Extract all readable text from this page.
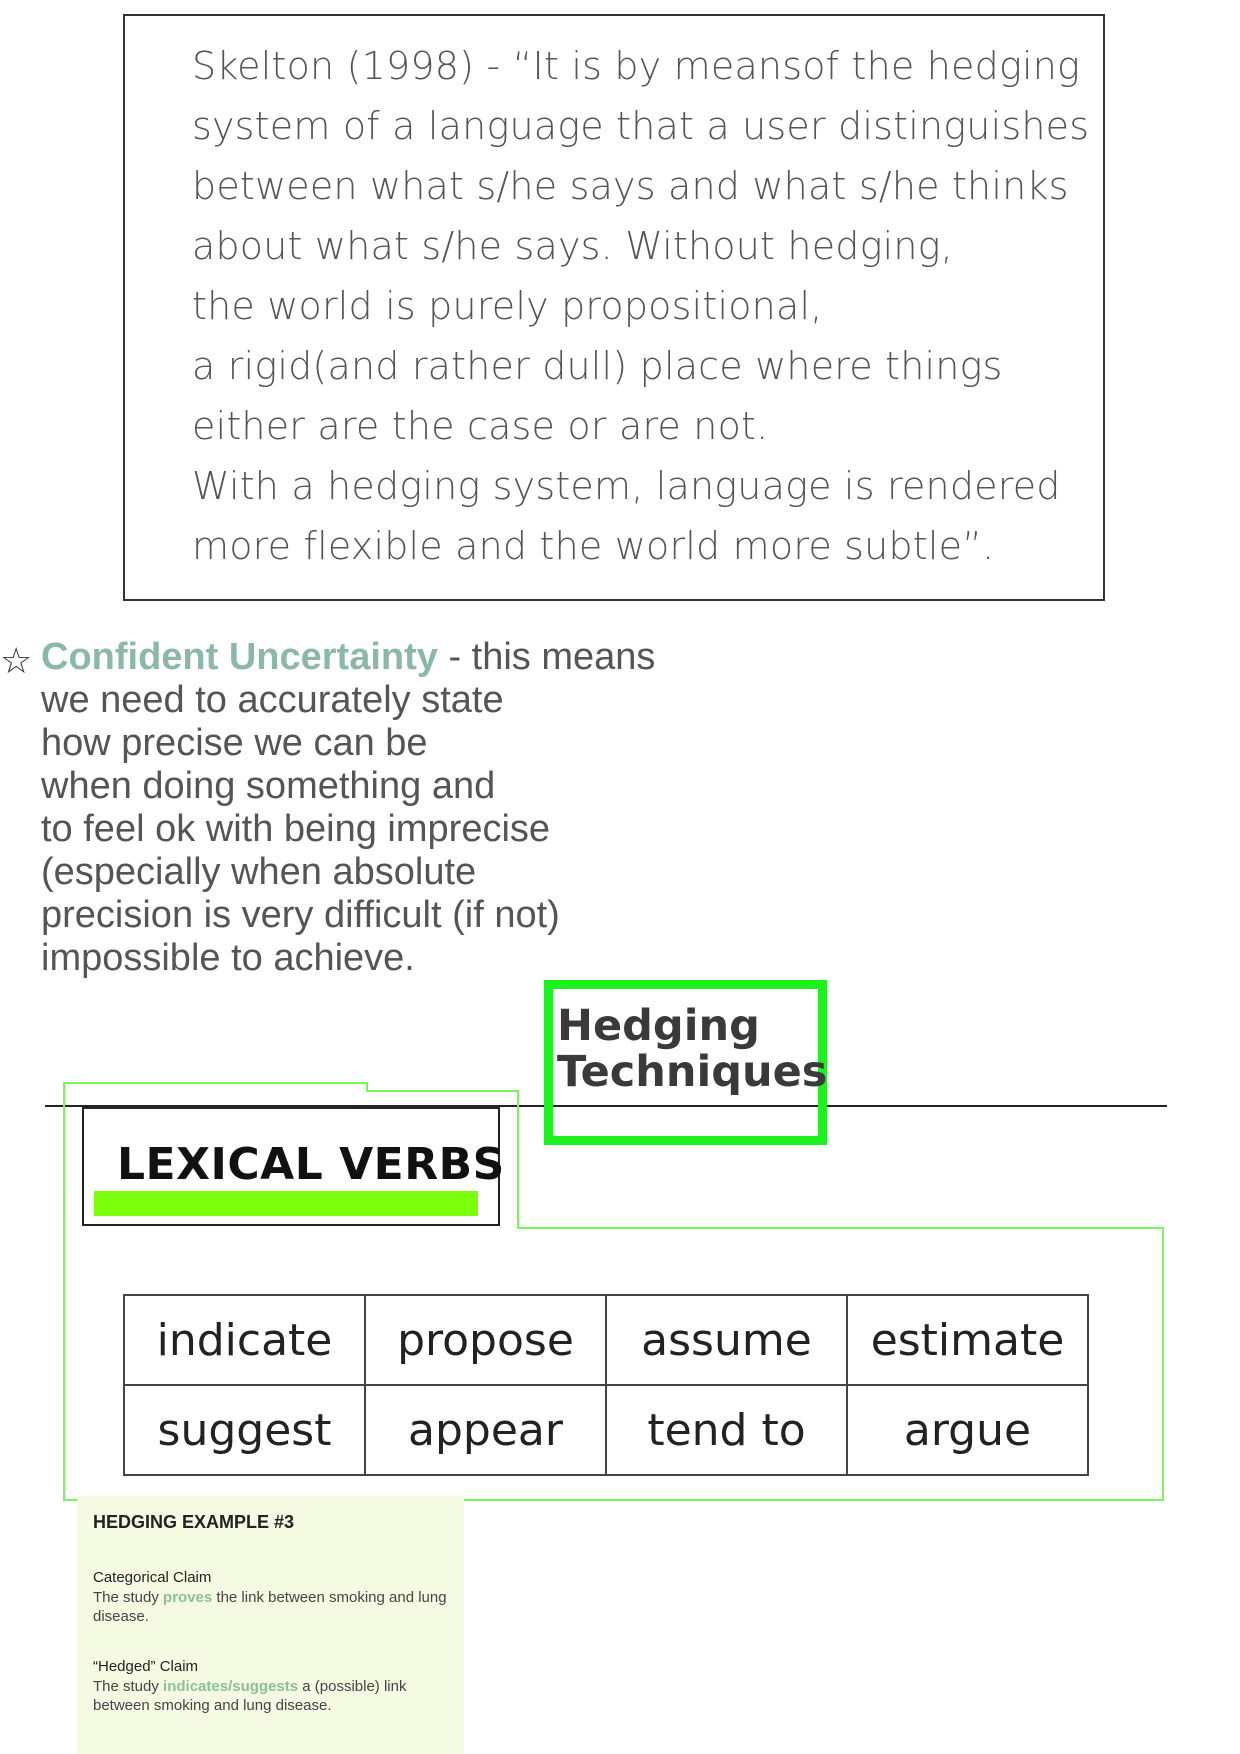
Skelton (1998) - “It is by meansof the hedging
system of a language that a user distinguishes
between what s/he says and what s/he thinks
about what s/he says. Without hedging,
the world is purely propositional,
a rigid(and rather dull) place where things
either are the case or are not.
With a hedging system, language is rendered
more flexible and the world more subtle”.
☆ Confident Uncertainty - this means
we need to accurately state
how precise we can be
when doing something and
to feel ok with being imprecise
(especially when absolute
precision is very difficult (if not)
impossible to achieve.
Hedging
Techniques
LEXICAL VERBS
indicate	propose	assume	estimate
suggest	appear	tend to	argue

HEDGING EXAMPLE #3

Categorical Claim

The study proves the link between smoking and lung disease.

“Hedged” Claim

The study indicates/suggests a (possible) link between smoking and lung disease.
